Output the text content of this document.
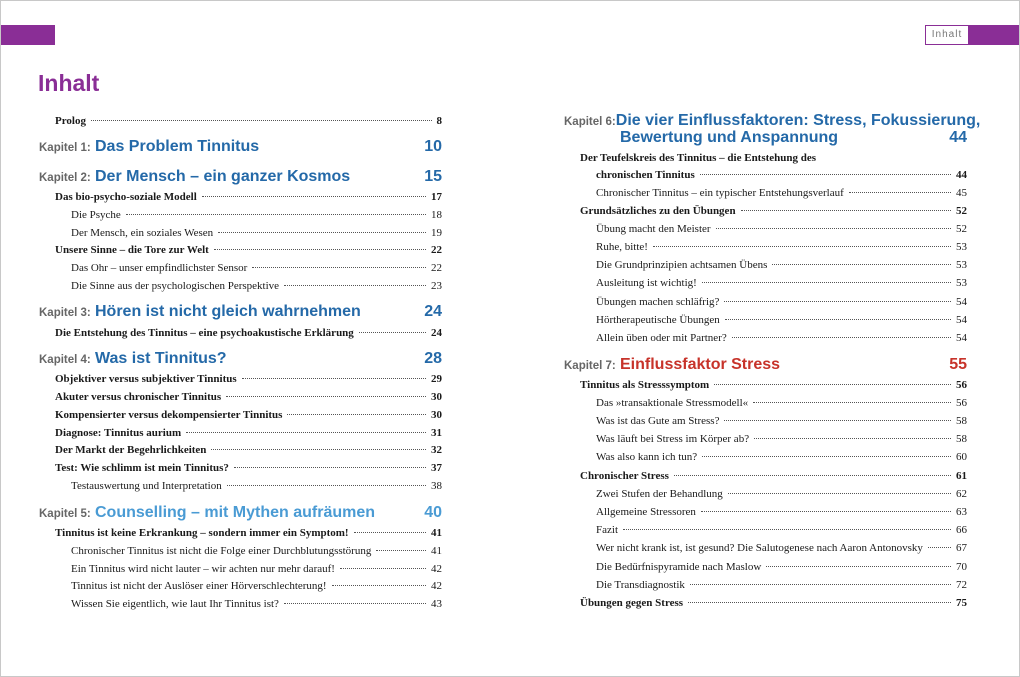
Inhalt
Inhalt
Prolog	8
Kapitel 1: Das Problem Tinnitus	10
Kapitel 2: Der Mensch – ein ganzer Kosmos	15
Das bio-psycho-soziale Modell	17
Die Psyche	18
Der Mensch, ein soziales Wesen	19
Unsere Sinne – die Tore zur Welt	22
Das Ohr – unser empfindlichster Sensor	22
Die Sinne aus der psychologischen Perspektive	23
Kapitel 3: Hören ist nicht gleich wahrnehmen	24
Die Entstehung des Tinnitus – eine psychoakustische Erklärung	24
Kapitel 4: Was ist Tinnitus?	28
Objektiver versus subjektiver Tinnitus	29
Akuter versus chronischer Tinnitus	30
Kompensierter versus dekompensierter Tinnitus	30
Diagnose: Tinnitus aurium	31
Der Markt der Begehrlichkeiten	32
Test: Wie schlimm ist mein Tinnitus?	37
Testauswertung und Interpretation	38
Kapitel 5: Counselling – mit Mythen aufräumen	40
Tinnitus ist keine Erkrankung – sondern immer ein Symptom!	41
Chronischer Tinnitus ist nicht die Folge einer Durchblutungsstörung	41
Ein Tinnitus wird nicht lauter – wir achten nur mehr darauf!	42
Tinnitus ist nicht der Auslöser einer Hörverschlechterung!	42
Wissen Sie eigentlich, wie laut Ihr Tinnitus ist?	43
Kapitel 6: Die vier Einflussfaktoren: Stress, Fokussierung,
Bewertung und Anspannung	44
Der Teufelskreis des Tinnitus – die Entstehung des
chronischen Tinnitus	44
Chronischer Tinnitus – ein typischer Entstehungsverlauf	45
Grundsätzliches zu den Übungen	52
Übung macht den Meister	52
Ruhe, bitte!	53
Die Grundprinzipien achtsamen Übens	53
Ausleitung ist wichtig!	53
Übungen machen schläfrig?	54
Hörtherapeutische Übungen	54
Allein üben oder mit Partner?	54
Kapitel 7: Einflussfaktor Stress	55
Tinnitus als Stresssymptom	56
Das »transaktionale Stressmodell«	56
Was ist das Gute am Stress?	58
Was läuft bei Stress im Körper ab?	58
Was also kann ich tun?	60
Chronischer Stress	61
Zwei Stufen der Behandlung	62
Allgemeine Stressoren	63
Fazit	66
Wer nicht krank ist, ist gesund? Die Salutogenese nach Aaron Antonovsky	67
Die Bedürfnispyramide nach Maslow	70
Die Transdiagnostik	72
Übungen gegen Stress	75
